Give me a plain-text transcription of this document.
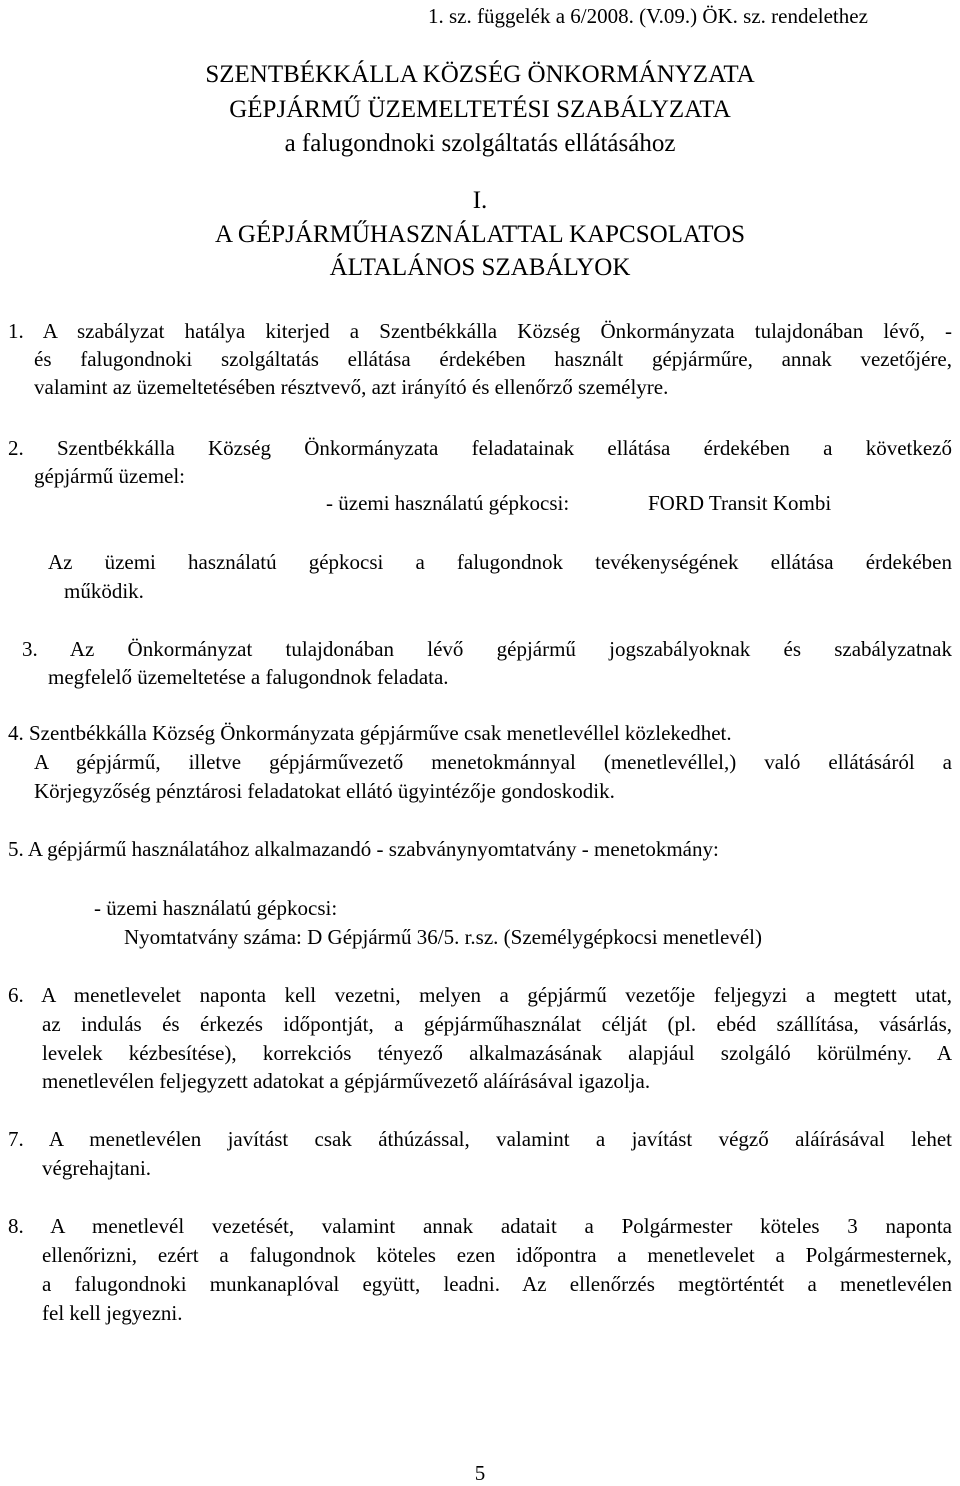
1. sz. függelék a 6/2008. (V.09.) ÖK. sz. rendelethez
SZENTBÉKKÁLLA KÖZSÉG ÖNKORMÁNYZATA
GÉPJÁRMŰ ÜZEMELTETÉSI SZABÁLYZATA
a falugondnoki szolgáltatás ellátásához
I.
A GÉPJÁRMŰHASZNÁLATTAL KAPCSOLATOS
ÁLTALÁNOS SZABÁLYOK
1. A szabályzat hatálya kiterjed a Szentbékkálla Község Önkormányzata tulajdonában lévő, -
és falugondnoki szolgáltatás ellátása érdekében használt gépjárműre, annak vezetőjére,
valamint az üzemeltetésében résztvevő, azt irányító és ellenőrző személyre.
2. Szentbékkálla Község Önkormányzata feladatainak ellátása érdekében a következő
gépjármű üzemel:
- üzemi használatú gépkocsi:	FORD Transit Kombi
Az üzemi használatú gépkocsi a falugondnok tevékenységének ellátása érdekében
működik.
3. Az Önkormányzat tulajdonában lévő gépjármű jogszabályoknak és szabályzatnak
megfelelő üzemeltetése a falugondnok feladata.
4. Szentbékkálla Község Önkormányzata gépjárműve csak menetlevéllel közlekedhet.
A gépjármű, illetve gépjárművezető menetokmánnyal (menetlevéllel,) való ellátásáról a
Körjegyzőség pénztárosi feladatokat ellátó ügyintézője gondoskodik.
5. A gépjármű használatához alkalmazandó - szabványnyomtatvány - menetokmány:
- üzemi használatú gépkocsi:
Nyomtatvány száma: D Gépjármű 36/5. r.sz. (Személygépkocsi menetlevél)
6. A menetlevelet naponta kell vezetni, melyen a gépjármű vezetője feljegyzi a megtett utat,
az indulás és érkezés időpontját, a gépjárműhasználat célját (pl. ebéd szállítása, vásárlás,
levelek kézbesítése), korrekciós tényező alkalmazásának alapjául szolgáló körülmény. A
menetlevélen feljegyzett adatokat a gépjárművezető aláírásával igazolja.
7. A menetlevélen javítást csak áthúzással, valamint a javítást végző aláírásával lehet
végrehajtani.
8. A menetlevél vezetését, valamint annak adatait a Polgármester köteles 3 naponta
ellenőrizni, ezért a falugondnok köteles ezen időpontra a menetlevelet a Polgármesternek,
a falugondnoki munkanaplóval együtt, leadni. Az ellenőrzés megtörténtét a menetlevélen
fel kell jegyezni.
5
